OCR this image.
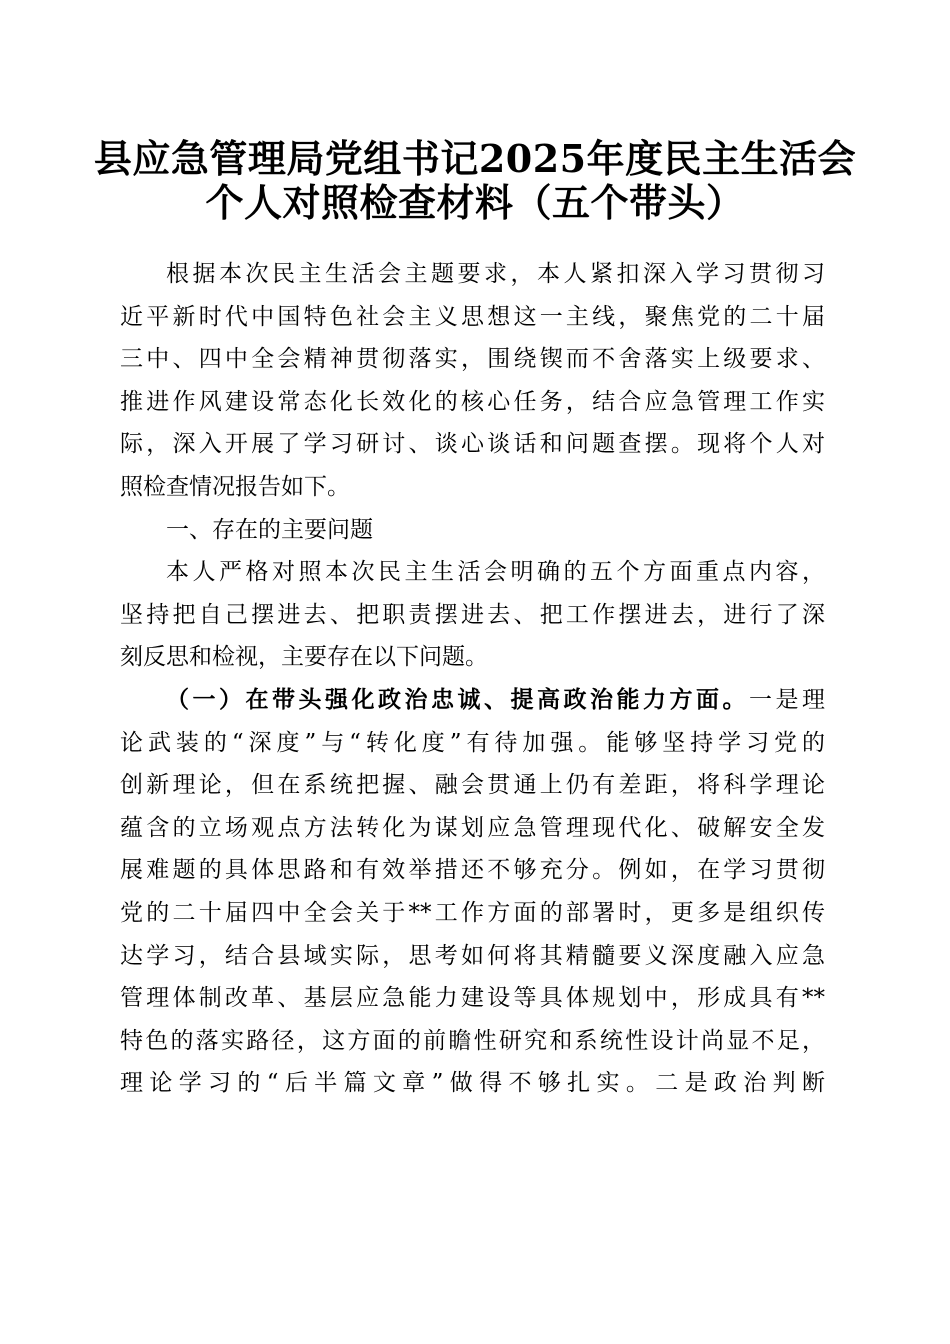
县应急管理局党组书记2025年度民主生活会
个人对照检查材料（五个带头）
根据本次民主生活会主题要求，本人紧扣深入学习贯彻习
近平新时代中国特色社会主义思想这一主线，聚焦党的二十届
三中、四中全会精神贯彻落实，围绕锲而不舍落实上级要求、
推进作风建设常态化长效化的核心任务，结合应急管理工作实
际，深入开展了学习研讨、谈心谈话和问题查摆。现将个人对
照检查情况报告如下。
一、存在的主要问题
本人严格对照本次民主生活会明确的五个方面重点内容，
坚持把自己摆进去、把职责摆进去、把工作摆进去，进行了深
刻反思和检视，主要存在以下问题。
（一）在带头强化政治忠诚、提高政治能力方面。一是理
论武装的“深度”与“转化度”有待加强。能够坚持学习党的
创新理论，但在系统把握、融会贯通上仍有差距，将科学理论
蕴含的立场观点方法转化为谋划应急管理现代化、破解安全发
展难题的具体思路和有效举措还不够充分。例如，在学习贯彻
党的二十届四中全会关于**工作方面的部署时，更多是组织传
达学习，结合县域实际，思考如何将其精髓要义深度融入应急
管理体制改革、基层应急能力建设等具体规划中，形成具有**
特色的落实路径，这方面的前瞻性研究和系统性设计尚显不足，
理论学习的“后半篇文章”做得不够扎实。二是政治判断
